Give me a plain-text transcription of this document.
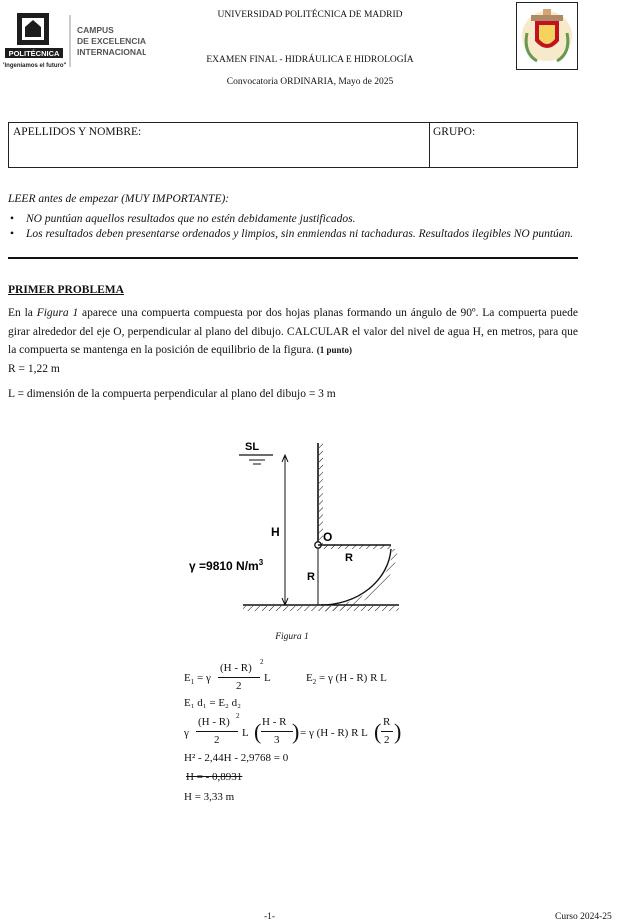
POLITÉCNICA
"Ingeniamos el futuro"
CAMPUS
DE EXCELENCIA
INTERNACIONAL
UNIVERSIDAD POLITÉCNICA DE MADRID
EXAMEN FINAL - HIDRÁULICA E HIDROLOGÍA
Convocatoria ORDINARIA, Mayo de 2025
APELLIDOS Y NOMBRE:	GRUPO:
LEER antes de empezar (MUY IMPORTANTE):
• NO puntúan aquellos resultados que no estén debidamente justificados.
• Los resultados deben presentarse ordenados y limpios, sin enmiendas ni tachaduras. Resultados ilegibles NO puntúan.
PRIMER PROBLEMA
En la Figura 1 aparece una compuerta compuesta por dos hojas planas formando un ángulo de 90º. La compuerta puede girar alrededor del eje O, perpendicular al plano del dibujo. CALCULAR el valor del nivel de agua H, en metros, para que la compuerta se mantenga en la posición de equilibrio de la figura. (1 punto)
R = 1,22 m
L = dimensión de la compuerta perpendicular al plano del dibujo = 3 m
SL
H	O
R
R
γ =9810 $N/m^3$
Figura 1
$E_1 = \gamma$
(H - R) 2
2
L	$E_2 = \gamma$ (H - R) R L
E₁ d₁ = E₂ d₂
γ
(H - R) 2
2
L ( H - R
3 ) = γ (H - R) R L ( R
2 )
H² - 2,44H - 2,9768 = 0
H = - 0,8931
H = 3,33 m
-1-	Curso 2024-25
